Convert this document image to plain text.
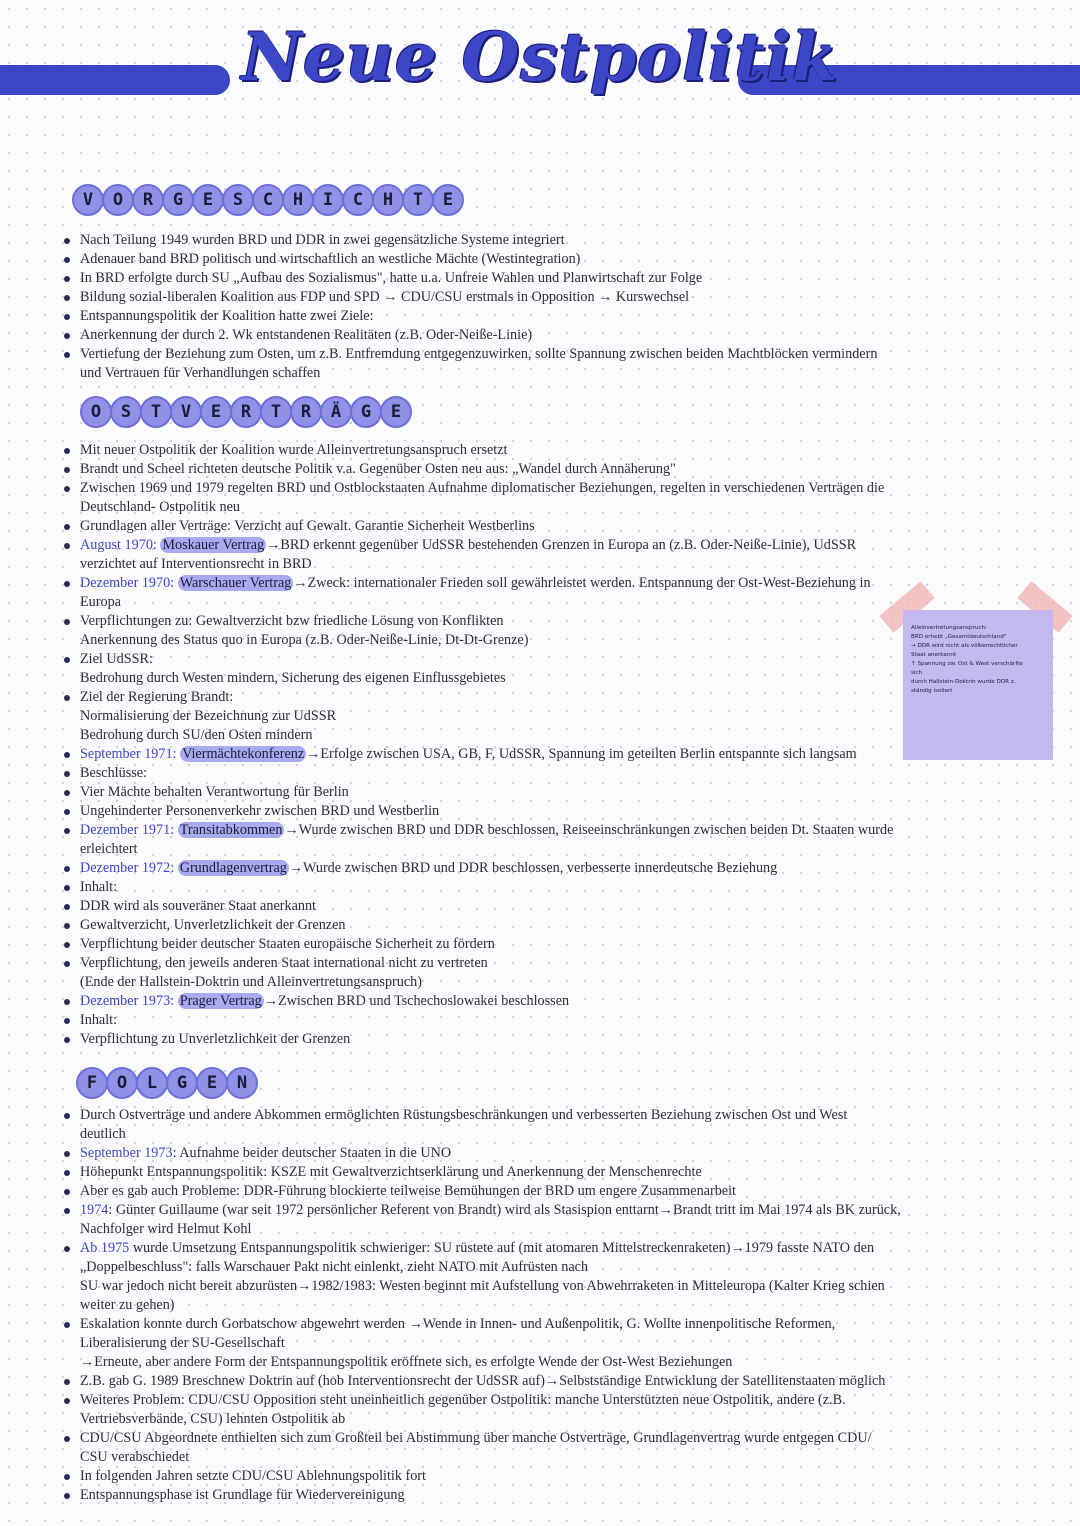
Neue Ostpolitik
V	O	R	G	E	S	C	H	I	C	H	T	E
Nach Teilung 1949 wurden BRD und DDR in zwei gegensätzliche Systeme integriert
Adenauer band BRD politisch und wirtschaftlich an westliche Mächte (Westintegration)
In BRD erfolgte durch SU „Aufbau des Sozialismus", hatte u.a. Unfreie Wahlen und Planwirtschaft zur Folge
Bildung sozial-liberalen Koalition aus FDP und SPD → CDU/CSU erstmals in Opposition → Kurswechsel
Entspannungspolitik der Koalition hatte zwei Ziele:
Anerkennung der durch 2. Wk entstandenen Realitäten (z.B. Oder-Neiße-Linie)
Vertiefung der Beziehung zum Osten, um z.B. Entfremdung entgegenzuwirken, sollte Spannung zwischen beiden Machtblöcken vermindern
und Vertrauen für Verhandlungen schaffen
O	S	T	V	E	R	T	R	Ä	G	E
Mit neuer Ostpolitik der Koalition wurde Alleinvertretungsanspruch ersetzt
Brandt und Scheel richteten deutsche Politik v.a. Gegenüber Osten neu aus: „Wandel durch Annäherung"
Zwischen 1969 und 1979 regelten BRD und Ostblockstaaten Aufnahme diplomatischer Beziehungen, regelten in verschiedenen Verträgen die
Deutschland- Ostpolitik neu
Grundlagen aller Verträge: Verzicht auf Gewalt. Garantie Sicherheit Westberlins
August 1970: Moskauer Vertrag →BRD erkennt gegenüber UdSSR bestehenden Grenzen in Europa an (z.B. Oder-Neiße-Linie), UdSSR
verzichtet auf Interventionsrecht in BRD
Dezember 1970: Warschauer Vertrag →Zweck: internationaler Frieden soll gewährleistet werden. Entspannung der Ost-West-Beziehung in
Europa
Verpflichtungen zu: Gewaltverzicht bzw friedliche Lösung von Konflikten
Anerkennung des Status quo in Europa (z.B. Oder-Neiße-Linie, Dt-Dt-Grenze)
Ziel UdSSR:
Bedrohung durch Westen mindern, Sicherung des eigenen Einflussgebietes
Ziel der Regierung Brandt:
Normalisierung der Bezeichnung zur UdSSR
Bedrohung durch SU/den Osten mindern
September 1971: Viermächtekonferenz →Erfolge zwischen USA, GB, F, UdSSR, Spannung im geteilten Berlin entspannte sich langsam
Beschlüsse:
Vier Mächte behalten Verantwortung für Berlin
Ungehinderter Personenverkehr zwischen BRD und Westberlin
Dezember 1971: Transitabkommen →Wurde zwischen BRD und DDR beschlossen, Reiseeinschränkungen zwischen beiden Dt. Staaten wurde
erleichtert
Dezember 1972: Grundlagenvertrag →Wurde zwischen BRD und DDR beschlossen, verbesserte innerdeutsche Beziehung
Inhalt:
DDR wird als souveräner Staat anerkannt
Gewaltverzicht, Unverletzlichkeit der Grenzen
Verpflichtung beider deutscher Staaten europäische Sicherheit zu fördern
Verpflichtung, den jeweils anderen Staat international nicht zu vertreten
(Ende der Hallstein-Doktrin und Alleinvertretungsanspruch)
Dezember 1973: Prager Vertrag →Zwischen BRD und Tschechoslowakei beschlossen
Inhalt:
Verpflichtung zu Unverletzlichkeit der Grenzen
F	O	L	G	E	N
Durch Ostverträge und andere Abkommen ermöglichten Rüstungsbeschränkungen und verbesserten Beziehung zwischen Ost und West
deutlich
September 1973: Aufnahme beider deutscher Staaten in die UNO
Höhepunkt Entspannungspolitik: KSZE mit Gewaltverzichtserklärung und Anerkennung der Menschenrechte
Aber es gab auch Probleme: DDR-Führung blockierte teilweise Bemühungen der BRD um engere Zusammenarbeit
1974: Günter Guillaume (war seit 1972 persönlicher Referent von Brandt) wird als Stasispion enttarnt→Brandt tritt im Mai 1974 als BK zurück,
Nachfolger wird Helmut Kohl
Ab 1975 wurde Umsetzung Entspannungspolitik schwieriger: SU rüstete auf (mit atomaren Mittelstreckenraketen)→1979 fasste NATO den
„Doppelbeschluss": falls Warschauer Pakt nicht einlenkt, zieht NATO mit Aufrüsten nach
SU war jedoch nicht bereit abzurüsten→1982/1983: Westen beginnt mit Aufstellung von Abwehrraketen in Mitteleuropa (Kalter Krieg schien
weiter zu gehen)
Eskalation konnte durch Gorbatschow abgewehrt werden →Wende in Innen- und Außenpolitik, G. Wollte innenpolitische Reformen,
Liberalisierung der SU-Gesellschaft
→Erneute, aber andere Form der Entspannungspolitik eröffnete sich, es erfolgte Wende der Ost-West Beziehungen
Z.B. gab G. 1989 Breschnew Doktrin auf (hob Interventionsrecht der UdSSR auf)→Selbstständige Entwicklung der Satellitenstaaten möglich
Weiteres Problem: CDU/CSU Opposition steht uneinheitlich gegenüber Ostpolitik: manche Unterstützten neue Ostpolitik, andere (z.B.
Vertriebsverbände, CSU) lehnten Ostpolitik ab
CDU/CSU Abgeordnete enthielten sich zum Großteil bei Abstimmung über manche Ostverträge, Grundlagenvertrag wurde entgegen CDU/
CSU verabschiedet
In folgenden Jahren setzte CDU/CSU Ablehnungspolitik fort
Entspannungsphase ist Grundlage für Wiedervereinigung
Alleinvertretungsanspruch:
BRD erhebt „Gesamtdeutschland"
→ DDR wird nicht als völkerrechtlicher
Staat anerkannt
↑ Spannung zw. Ost & West verschärfte
sich
durch Hallstein-Doktrin wurde DDR z.
ständig isoliert
